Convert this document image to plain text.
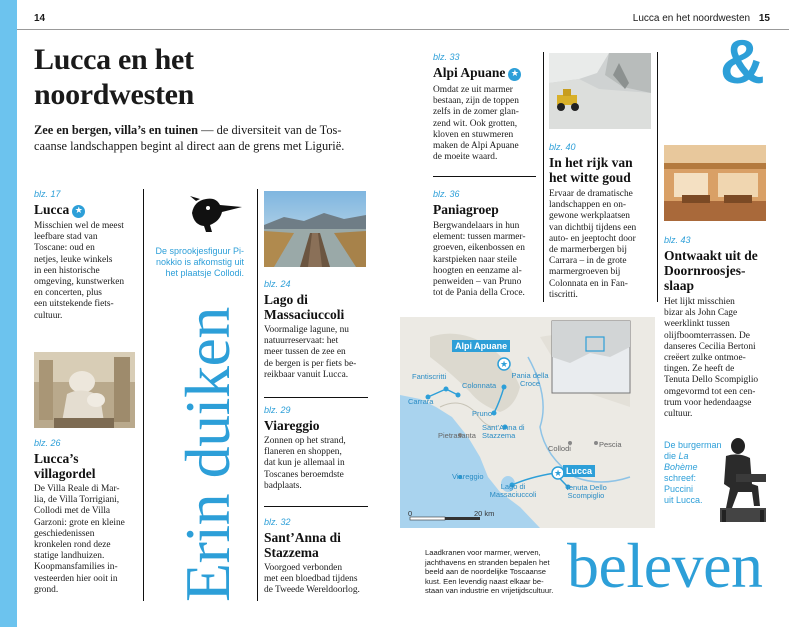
14	Lucca en het noordwesten 15
Lucca en het
noordwesten
Zee en bergen, villa’s en tuinen — de diversiteit van de Tos-
caanse landschappen begint al direct aan de grens met Ligurië.
blz. 17
Lucca ★
Misschien wel de meest
leefbare stad van
Toscane: oud en
netjes, leuke winkels
in een historische
omgeving, kunstwerken
en concerten, plus
een uitstekende fiets-
cultuur.
blz. 26
Lucca’s
villagordel
De Villa Reale di Mar-
lia, de Villa Torrigiani,
Collodi met de Villa
Garzoni: grote en kleine
geschiedenissen
kronkelen rond deze
statige landhuizen.
Koopmansfamilies in-
vesteerden hier ooit in
grond.
De sprookjesfiguur Pi-
nokkio is afkomstig uit
het plaatsje Collodi.
Erin duiken
blz. 24
Lago di
Massaciuccoli
Voormalige lagune, nu
natuurreservaat: het
meer tussen de zee en
de bergen is per fiets be-
reikbaar vanuit Lucca.
blz. 29
Viareggio
Zonnen op het strand,
flaneren en shoppen,
dat kun je allemaal in
Toscanes beroemdste
badplaats.
blz. 32
Sant’Anna di
Stazzema
Voorgoed verbonden
met een bloedbad tijdens
de Tweede Wereldoorlog.
blz. 33
Alpi Apuane ★
Omdat ze uit marmer
bestaan, zijn de toppen
zelfs in de zomer glan-
zend wit. Ook grotten,
kloven en stuwmeren
maken de Alpi Apuane
de moeite waard.
blz. 36
Paniagroep
Bergwandelaars in hun
element: tussen marmer-
groeven, eikenbossen en
karstpieken naar steile
hoogten en eenzame al-
penweiden – van Pruno
tot de Pania della Croce.
blz. 40
In het rijk van
het witte goud
Ervaar de dramatische
landschappen en on-
gewone werkplaatsen
van dichtbij tijdens een
auto- en jeeptocht door
de marmerbergen bij
Carrara – in de grote
marmergroeven bij
Colonnata en in Fan-
tiscritti.
&
blz. 43
Ontwaakt uit de
Doornroosjes-
slaap
Het lijkt misschien
bizar als John Cage
weerklinkt tussen
olijfboomterrassen. De
danseres Cecilia Bertoni
creëert zulke ontmoe-
tingen. Ze heeft de
Tenuta Dello Scompiglio
omgevormd tot een cen-
trum voor hedendaagse
cultuur.
De burgerman
die La Bohème
schreef:
Puccini
uit Lucca.
★
★
Alpi Apuane
Lucca
Fantiscritti
Colonnata
Carrara
Pania della Croce
Pruno
Pietrasanta
Sant’Anna di Stazzema
Collodi	Pescia
Viareggio
Lago di Massaciuccoli
Tenuta Dello Scompiglio
0	20 km
Laadkranen voor marmer, werven,
jachthavens en stranden bepalen het
beeld aan de noordelijke Toscaanse
kust. Een levendig naast elkaar be-
staan van industrie en vrijetijdscultuur. beleven
